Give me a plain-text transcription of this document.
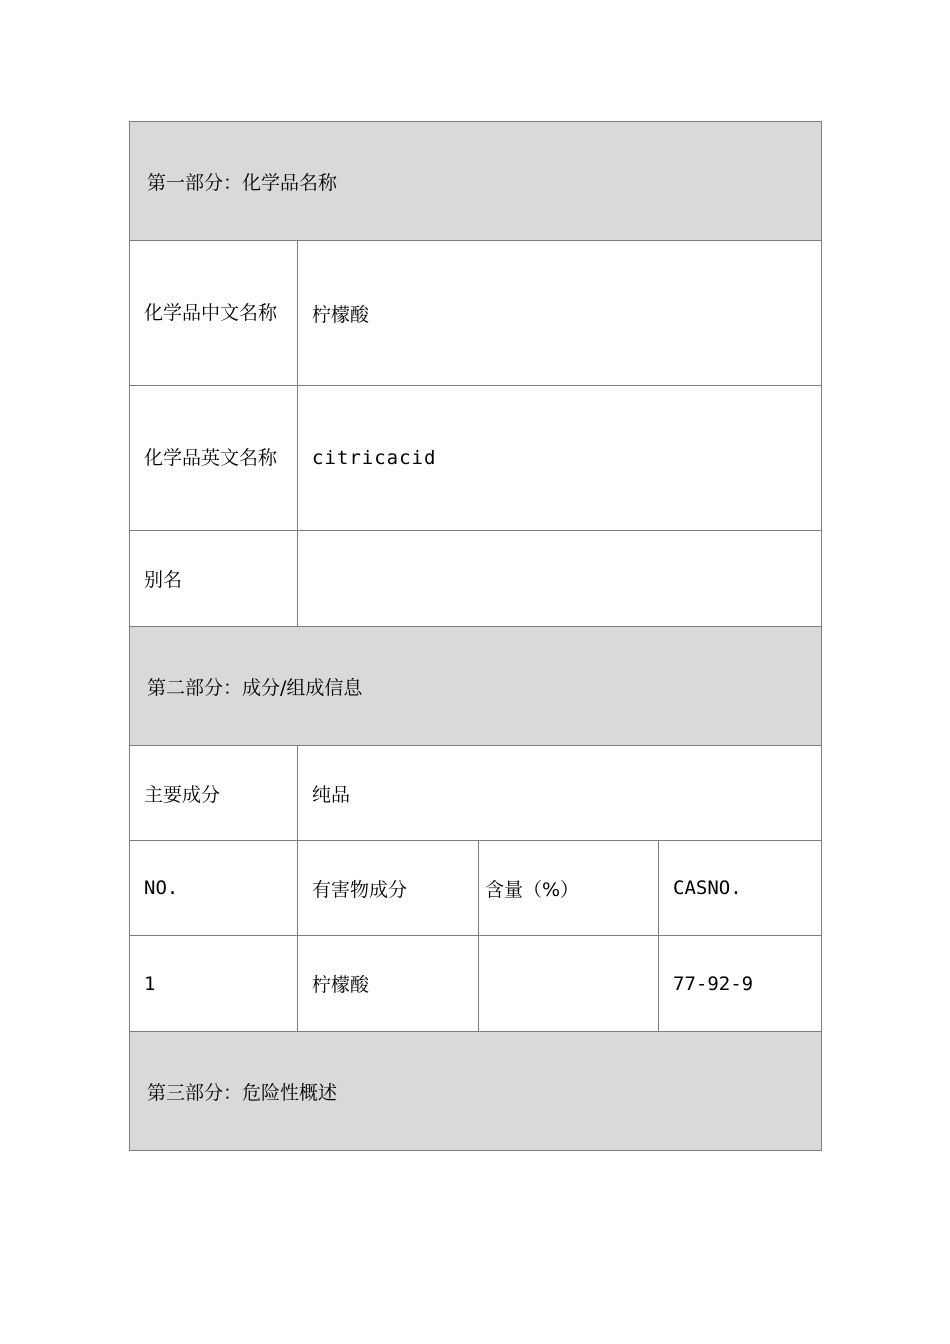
第一部分：化学品名称			
化学品中文名称	柠檬酸		
化学品英文名称	citricacid		
别名			
第二部分：成分/组成信息			
主要成分	纯品		
NO.	有害物成分	含量（%）	CASNO.
1	柠檬酸		77-92-9
第三部分：危险性概述			
